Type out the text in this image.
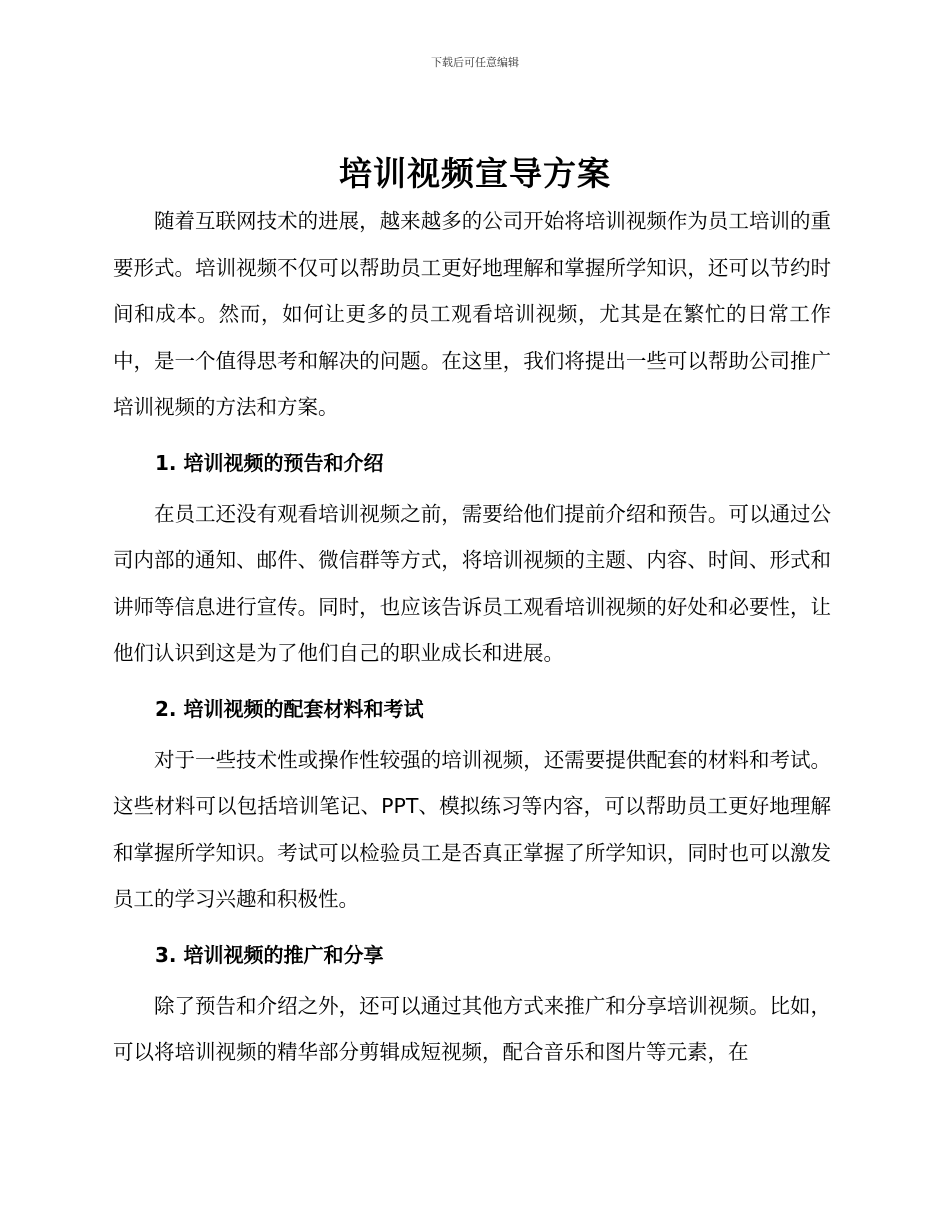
下载后可任意编辑
培训视频宣导方案

随着互联网技术的进展，越来越多的公司开始将培训视频作为员工培训的重要形式。培训视频不仅可以帮助员工更好地理解和掌握所学知识，还可以节约时间和成本。然而，如何让更多的员工观看培训视频，尤其是在繁忙的日常工作中，是一个值得思考和解决的问题。在这里，我们将提出一些可以帮助公司推广培训视频的方法和方案。

1. 培训视频的预告和介绍

在员工还没有观看培训视频之前，需要给他们提前介绍和预告。可以通过公司内部的通知、邮件、微信群等方式，将培训视频的主题、内容、时间、形式和讲师等信息进行宣传。同时，也应该告诉员工观看培训视频的好处和必要性，让他们认识到这是为了他们自己的职业成长和进展。

2. 培训视频的配套材料和考试

对于一些技术性或操作性较强的培训视频，还需要提供配套的材料和考试。这些材料可以包括培训笔记、PPT、模拟练习等内容，可以帮助员工更好地理解和掌握所学知识。考试可以检验员工是否真正掌握了所学知识，同时也可以激发员工的学习兴趣和积极性。

3. 培训视频的推广和分享

除了预告和介绍之外，还可以通过其他方式来推广和分享培训视频。比如，可以将培训视频的精华部分剪辑成短视频，配合音乐和图片等元素，在
